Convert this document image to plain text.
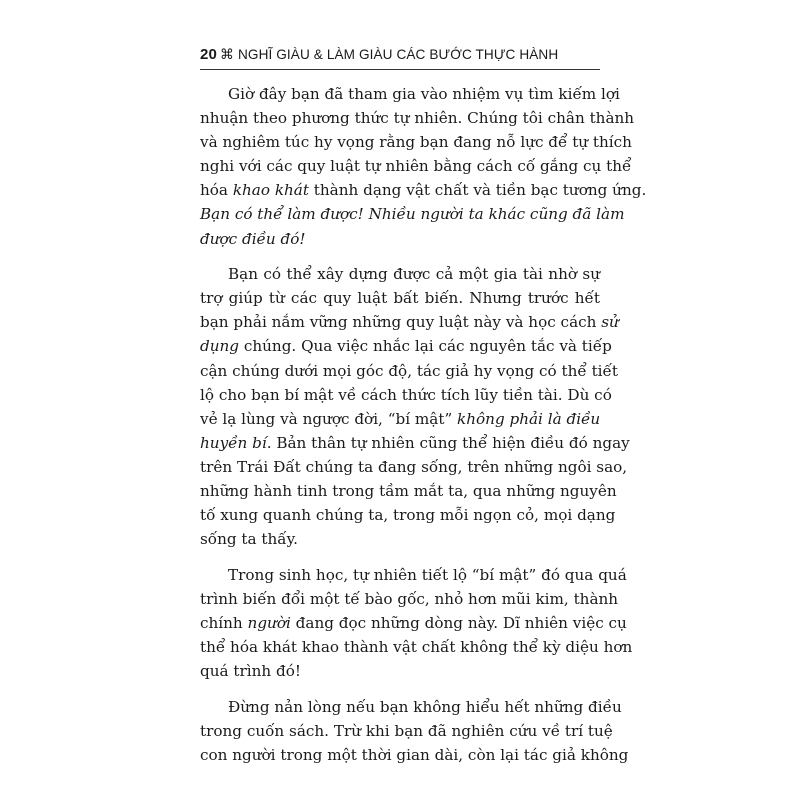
20 ⌘ NGHĨ GIÀU & LÀM GIÀU CÁC BƯỚC THỰC HÀNH

Giờ đây bạn đã tham gia vào nhiệm vụ tìm kiếm lợi
nhuận theo phương thức tự nhiên. Chúng tôi chân thành
và nghiêm túc hy vọng rằng bạn đang nỗ lực để tự thích
nghi với các quy luật tự nhiên bằng cách cố gắng cụ thể
hóa khao khát thành dạng vật chất và tiền bạc tương ứng.
Bạn có thể làm được! Nhiều người ta khác cũng đã làm
được điều đó!

Bạn có thể xây dựng được cả một gia tài nhờ sự
trợ giúp từ các quy luật bất biến. Nhưng trước hết
bạn phải nắm vững những quy luật này và học cách sử
dụng chúng. Qua việc nhắc lại các nguyên tắc và tiếp
cận chúng dưới mọi góc độ, tác giả hy vọng có thể tiết
lộ cho bạn bí mật về cách thức tích lũy tiền tài. Dù có
vẻ lạ lùng và ngược đời, “bí mật” không phải là điều
huyền bí. Bản thân tự nhiên cũng thể hiện điều đó ngay
trên Trái Đất chúng ta đang sống, trên những ngôi sao,
những hành tinh trong tầm mắt ta, qua những nguyên
tố xung quanh chúng ta, trong mỗi ngọn cỏ, mọi dạng
sống ta thấy.

Trong sinh học, tự nhiên tiết lộ “bí mật” đó qua quá
trình biến đổi một tế bào gốc, nhỏ hơn mũi kim, thành
chính người đang đọc những dòng này. Dĩ nhiên việc cụ
thể hóa khát khao thành vật chất không thể kỳ diệu hơn
quá trình đó!

Đừng nản lòng nếu bạn không hiểu hết những điều
trong cuốn sách. Trừ khi bạn đã nghiên cứu về trí tuệ
con người trong một thời gian dài, còn lại tác giả không
